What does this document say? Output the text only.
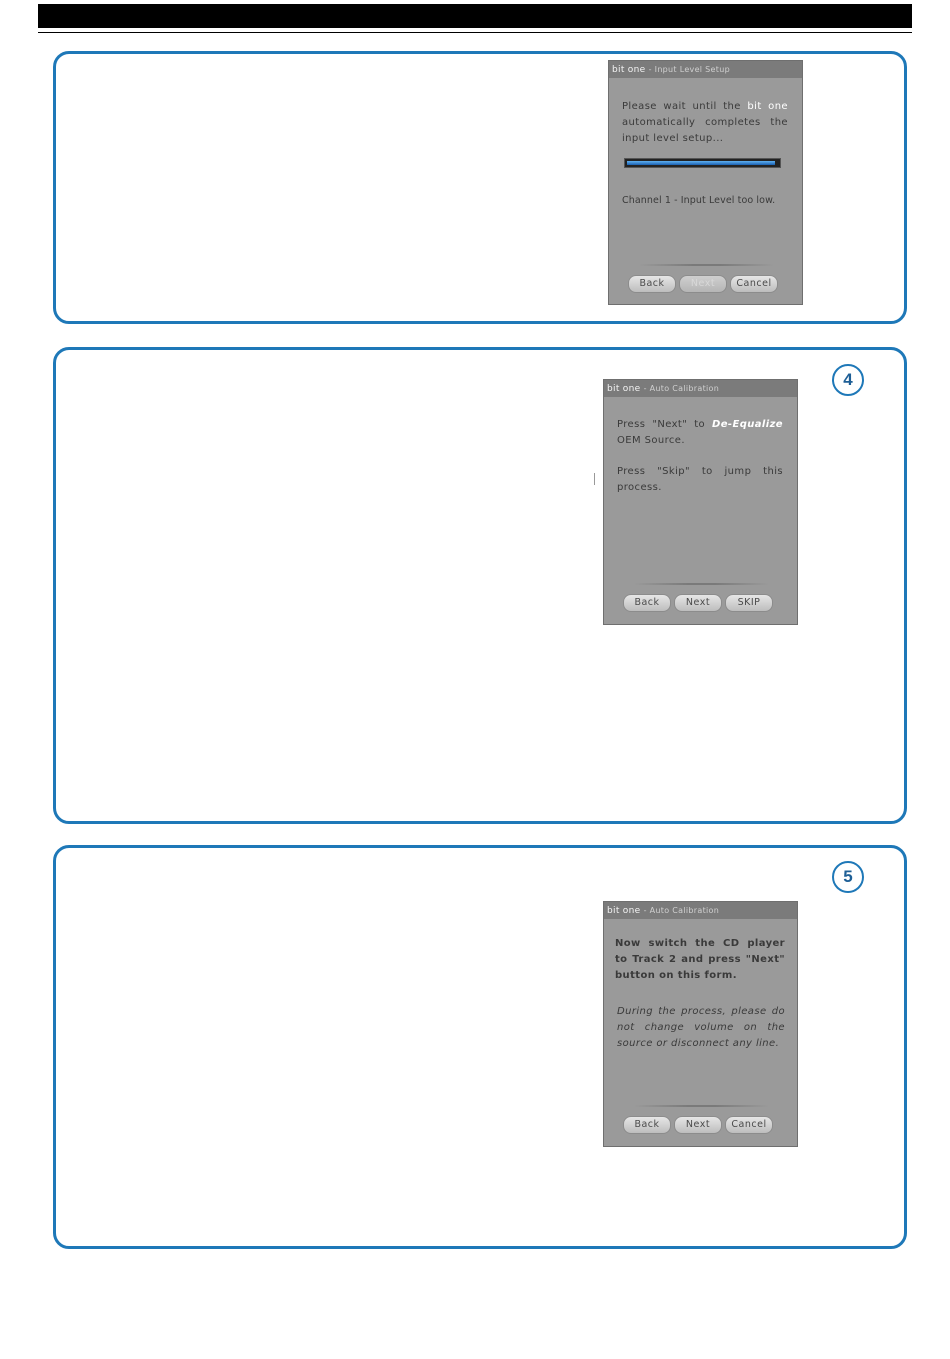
bit one - Input Level Setup
Please wait until the bit one automatically completes the input level setup...
Channel 1 - Input Level too low.
Back	Next	Cancel
4
bit one - Auto Calibration
Press "Next" to De-Equalize OEM Source.
Press "Skip" to jump this process.
Back	Next	SKIP
5
bit one - Auto Calibration
Now switch the CD player to Track 2 and press "Next" button on this form.
During the process, please do not change volume on the source or disconnect any line.
Back	Next	Cancel
